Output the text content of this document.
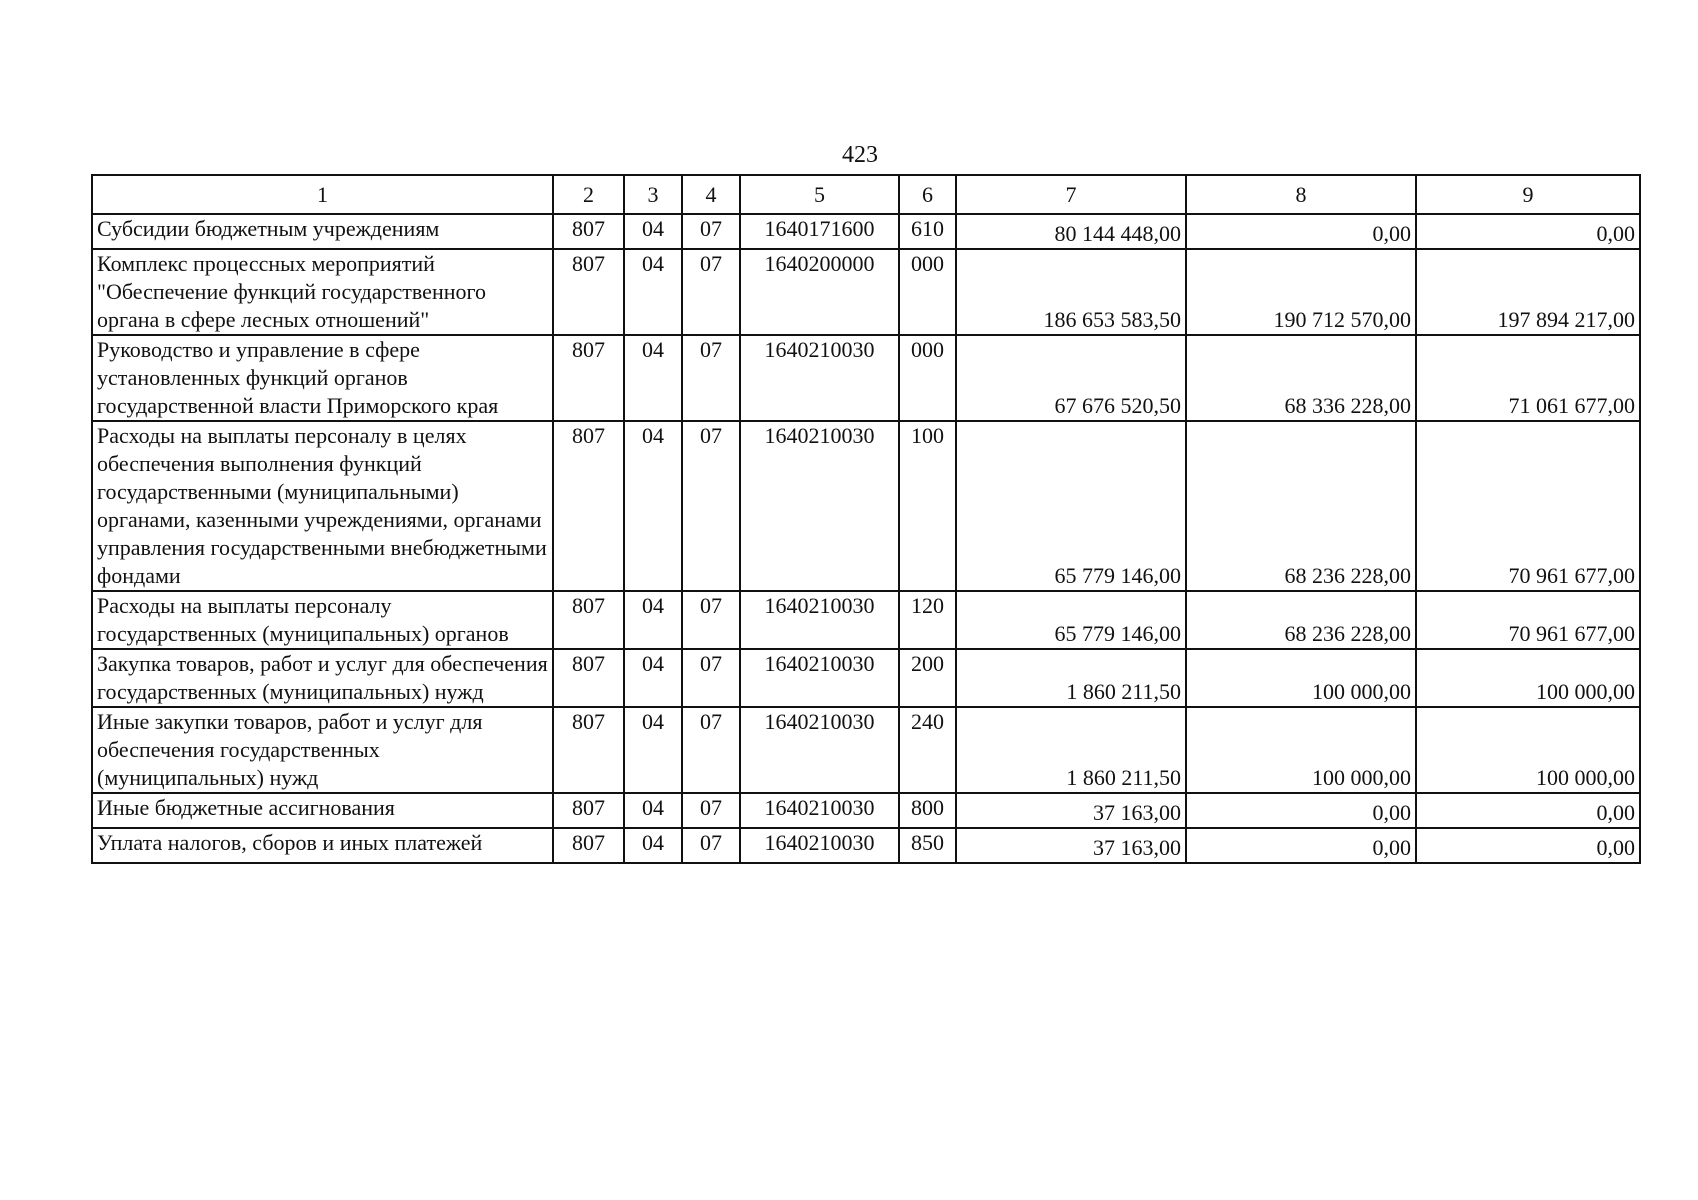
423
1	2	3	4	5	6	7	8	9
Субсидии бюджетным учреждениям	807	04	07	1640171600	610	80 144 448,00	0,00	0,00
Комплекс процессных мероприятий "Обеспечение функций государственного органа в сфере лесных отношений"	807	04	07	1640200000	000	186 653 583,50	190 712 570,00	197 894 217,00
Руководство и управление в сфере установленных функций органов государственной власти Приморского края	807	04	07	1640210030	000	67 676 520,50	68 336 228,00	71 061 677,00
Расходы на выплаты персоналу в целях обеспечения выполнения функций государственными (муниципальными) органами, казенными учреждениями, органами управления государственными внебюджетными фондами	807	04	07	1640210030	100	65 779 146,00	68 236 228,00	70 961 677,00
Расходы на выплаты персоналу государственных (муниципальных) органов	807	04	07	1640210030	120	65 779 146,00	68 236 228,00	70 961 677,00
Закупка товаров, работ и услуг для обеспечения государственных (муниципальных) нужд	807	04	07	1640210030	200	1 860 211,50	100 000,00	100 000,00
Иные закупки товаров, работ и услуг для обеспечения государственных (муниципальных) нужд	807	04	07	1640210030	240	1 860 211,50	100 000,00	100 000,00
Иные бюджетные ассигнования	807	04	07	1640210030	800	37 163,00	0,00	0,00
Уплата налогов, сборов и иных платежей	807	04	07	1640210030	850	37 163,00	0,00	0,00
